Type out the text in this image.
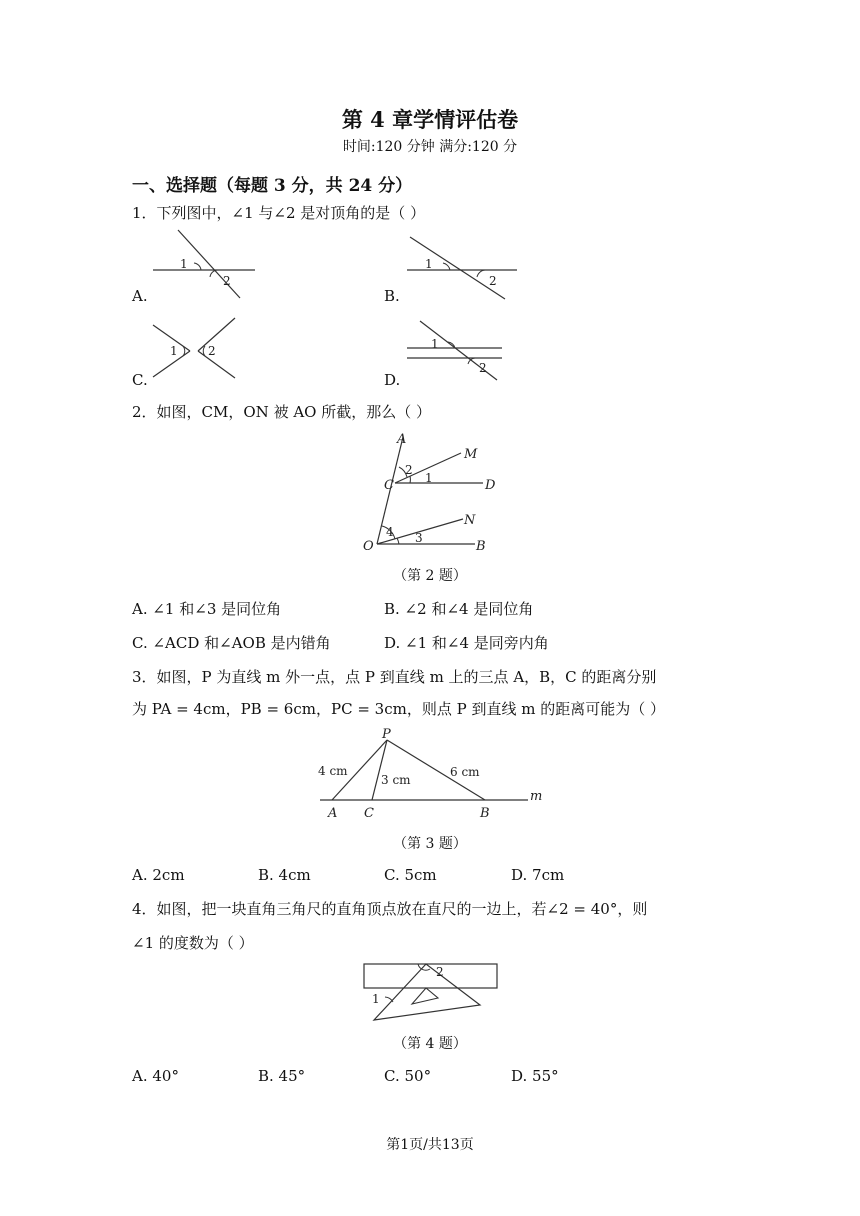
第 4 章学情评估卷
时间:120 分钟 满分:120 分
一、选择题（每题 3 分，共 24 分）
1．下列图中，∠1 与∠2 是对顶角的是（ ）
1
2
A.
1
2
B.
1	2
C.
1
2
D.
2．如图，CM，ON 被 AO 所截，那么（ ）
A
M
C	D
N
O	B
1
2
3
4
（第 2 题）
A. ∠1 和∠3 是同位角	B. ∠2 和∠4 是同位角
C. ∠ACD 和∠AOB 是内错角	D. ∠1 和∠4 是同旁内角
3．如图，P 为直线 m 外一点，点 P 到直线 m 上的三点 A，B，C 的距离分别
为 PA = 4cm，PB = 6cm，PC = 3cm，则点 P 到直线 m 的距离可能为（ ）
P
A C	B
m
4 cm
3 cm
6 cm
（第 3 题）
A. 2cm	B. 4cm	C. 5cm	D. 7cm
4．如图，把一块直角三角尺的直角顶点放在直尺的一边上，若∠2 = 40°，则
∠1 的度数为（ ）
2
1
（第 4 题）
A. 40°	B. 45°	C. 50°	D. 55°
第1页/共13页
